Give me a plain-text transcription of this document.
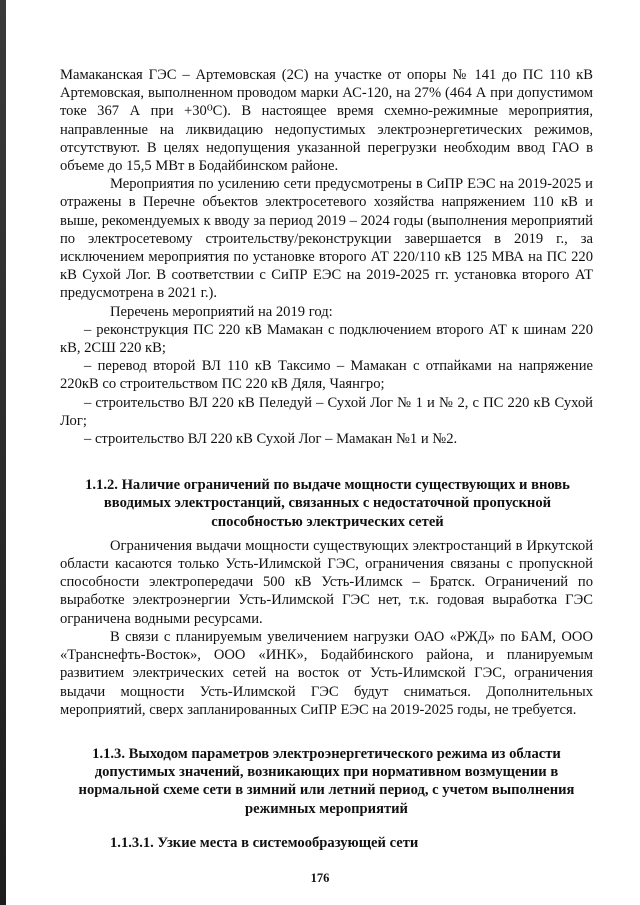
Мамаканская ГЭС – Артемовская (2С) на участке от опоры № 141 до ПС 110 кВ Артемовская, выполненном проводом марки АС-120, на 27% (464 А при допустимом токе 367 А при +30⁰С). В настоящее время схемно-режимные мероприятия, направленные на ликвидацию недопустимых электроэнергетических режимов, отсутствуют. В целях недопущения указанной перегрузки необходим ввод ГАО в объеме до 15,5 МВт в Бодайбинском районе.

Мероприятия по усилению сети предусмотрены в СиПР ЕЭС на 2019-2025 и отражены в Перечне объектов электросетевого хозяйства напряжением 110 кВ и выше, рекомендуемых к вводу за период 2019 – 2024 годы (выполнения мероприятий по электросетевому строительству/реконструкции завершается в 2019 г., за исключением мероприятия по установке второго АТ 220/110 кВ 125 МВА на ПС 220 кВ Сухой Лог. В соответствии с СиПР ЕЭС на 2019-2025 гг. установка второго АТ предусмотрена в 2021 г.).

Перечень мероприятий на 2019 год:

– реконструкция ПС 220 кВ Мамакан с подключением второго АТ к шинам 220 кВ, 2СШ 220 кВ;

– перевод второй ВЛ 110 кВ Таксимо – Мамакан с отпайками на напряжение 220кВ со строительством ПС 220 кВ Дяля, Чаянгро;

– строительство ВЛ 220 кВ Пеледуй – Сухой Лог № 1 и № 2, с ПС 220 кВ Сухой Лог;

– строительство ВЛ 220 кВ Сухой Лог – Мамакан №1 и №2.

1.1.2. Наличие ограничений по выдаче мощности существующих и вновь вводимых электростанций, связанных с недостаточной пропускной способностью электрических сетей

Ограничения выдачи мощности существующих электростанций в Иркутской области касаются только Усть-Илимской ГЭС, ограничения связаны с пропускной способности электропередачи 500 кВ Усть-Илимск – Братск. Ограничений по выработке электроэнергии Усть-Илимской ГЭС нет, т.к. годовая выработка ГЭС ограничена водными ресурсами.

В связи с планируемым увеличением нагрузки ОАО «РЖД» по БАМ, ООО «Транснефть-Восток», ООО «ИНК», Бодайбинского района, и планируемым развитием электрических сетей на восток от Усть-Илимской ГЭС, ограничения выдачи мощности Усть-Илимской ГЭС будут сниматься. Дополнительных мероприятий, сверх запланированных СиПР ЕЭС на 2019-2025 годы, не требуется.

1.1.3. Выходом параметров электроэнергетического режима из области допустимых значений, возникающих при нормативном возмущении в нормальной схеме сети в зимний или летний период, с учетом выполнения режимных мероприятий
1.1.3.1. Узкие места в системообразующей сети
176
